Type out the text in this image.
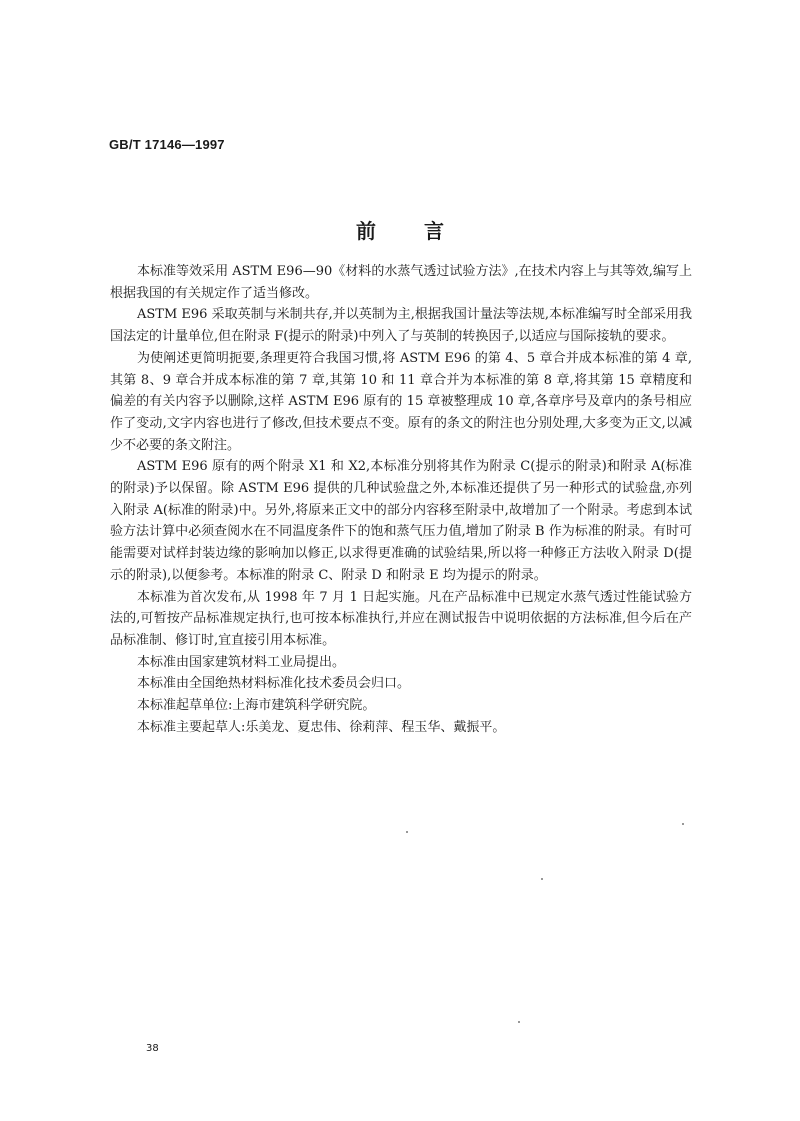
GB/T 17146—1997
前言

本标准等效采用 ASTM E96—90《材料的水蒸气透过试验方法》,在技术内容上与其等效,编写上根据我国的有关规定作了适当修改。

ASTM E96 采取英制与米制共存,并以英制为主,根据我国计量法等法规,本标准编写时全部采用我国法定的计量单位,但在附录 F(提示的附录)中列入了与英制的转换因子,以适应与国际接轨的要求。

为使阐述更简明扼要,条理更符合我国习惯,将 ASTM E96 的第 4、5 章合并成本标准的第 4 章,其第 8、9 章合并成本标准的第 7 章,其第 10 和 11 章合并为本标准的第 8 章,将其第 15 章精度和偏差的有关内容予以删除,这样 ASTM E96 原有的 15 章被整理成 10 章,各章序号及章内的条号相应作了变动,文字内容也进行了修改,但技术要点不变。原有的条文的附注也分别处理,大多变为正文,以减少不必要的条文附注。

ASTM E96 原有的两个附录 X1 和 X2,本标准分别将其作为附录 C(提示的附录)和附录 A(标准的附录)予以保留。除 ASTM E96 提供的几种试验盘之外,本标准还提供了另一种形式的试验盘,亦列入附录 A(标准的附录)中。另外,将原来正文中的部分内容移至附录中,故增加了一个附录。考虑到本试验方法计算中必须查阅水在不同温度条件下的饱和蒸气压力值,增加了附录 B 作为标准的附录。有时可能需要对试样封装边缘的影响加以修正,以求得更准确的试验结果,所以将一种修正方法收入附录 D(提示的附录),以便参考。本标准的附录 C、附录 D 和附录 E 均为提示的附录。

本标准为首次发布,从 1998 年 7 月 1 日起实施。凡在产品标准中已规定水蒸气透过性能试验方法的,可暂按产品标准规定执行,也可按本标准执行,并应在测试报告中说明依据的方法标准,但今后在产品标准制、修订时,宜直接引用本标准。

本标准由国家建筑材料工业局提出。

本标准由全国绝热材料标准化技术委员会归口。

本标准起草单位:上海市建筑科学研究院。

本标准主要起草人:乐美龙、夏忠伟、徐莉萍、程玉华、戴振平。

38
